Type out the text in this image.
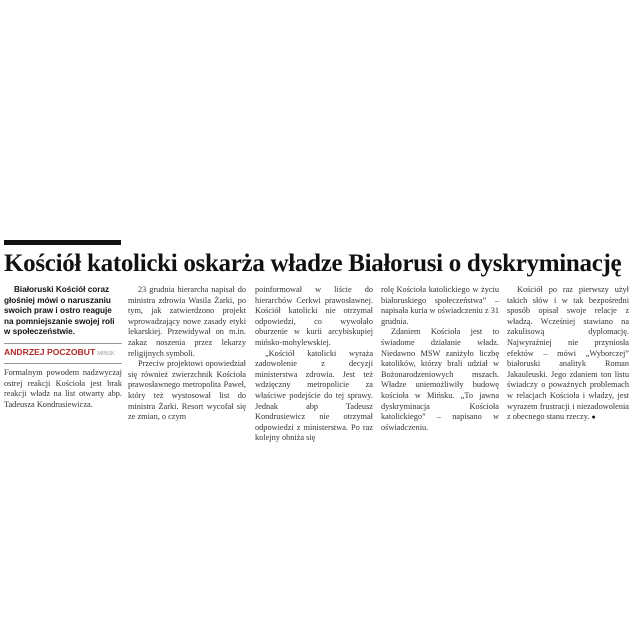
Kościół katolicki oskarża władze Białorusi o dyskryminację

Białoruski Kościół coraz głośniej mówi o naruszaniu swoich praw i ostro reaguje na pomniejszanie swojej roli w społeczeństwie.

ANDRZEJ POCZOBUT MIŃSK

Formalnym powodem nadzwyczaj ostrej reakcji Kościoła jest brak reakcji władz na list otwarty abp. Tadeusza Kondrusiewicza.

23 grudnia hierarcha napisał do ministra zdrowia Wasila Żarki, po tym, jak zatwierdzono projekt wprowadzający nowe zasady etyki lekarskiej. Przewidywał on m.in. zakaz noszenia przez lekarzy religijnych symboli.

Przeciw projektowi opowiedział się również zwierzchnik Kościoła prawosławnego metropolita Paweł, który też wystosował list do ministra Żarki. Resort wycofał się ze zmian, o czym

poinformował w liście do hierarchów Cerkwi prawosławnej. Kościół katolicki nie otrzymał odpowiedzi, co wywołało oburzenie w kurii arcybiskupiej mińsko-mohylewskiej.

„Kościół katolicki wyraża zadowolenie z decyzji ministerstwa zdrowia. Jest też wdzięczny metropolicie za właściwe podejście do tej sprawy. Jednak abp Tadeusz Kondrusiewicz nie otrzymał odpowiedzi z ministerstwa. Po raz kolejny obniża się

rolę Kościoła katolickiego w życiu białoruskiego społeczeństwa” – napisała kuria w oświadczeniu z 31 grudnia.

Zdaniem Kościoła jest to świadome działanie władz. Niedawno MSW zaniżyło liczbę katolików, którzy brali udział w Bożonarodzeniowych mszach. Władze uniemożliwiły budowę kościoła w Mińsku. „To jawna dyskryminacja Kościoła katolickiego” – napisano w oświadczeniu.

Kościół po raz pierwszy użył takich słów i w tak bezpośredni sposób opisał swoje relacje z władzą. Wcześniej stawiano na zakulisową dyplomację. Najwyraźniej nie przyniosła efektów – mówi „Wyborczej” białoruski analityk Roman Jakauleuski. Jego zdaniem ton listu świadczy o poważnych problemach w relacjach Kościoła i władzy, jest wyrazem frustracji i niezadowolenia z obecnego stanu rzeczy. ●
